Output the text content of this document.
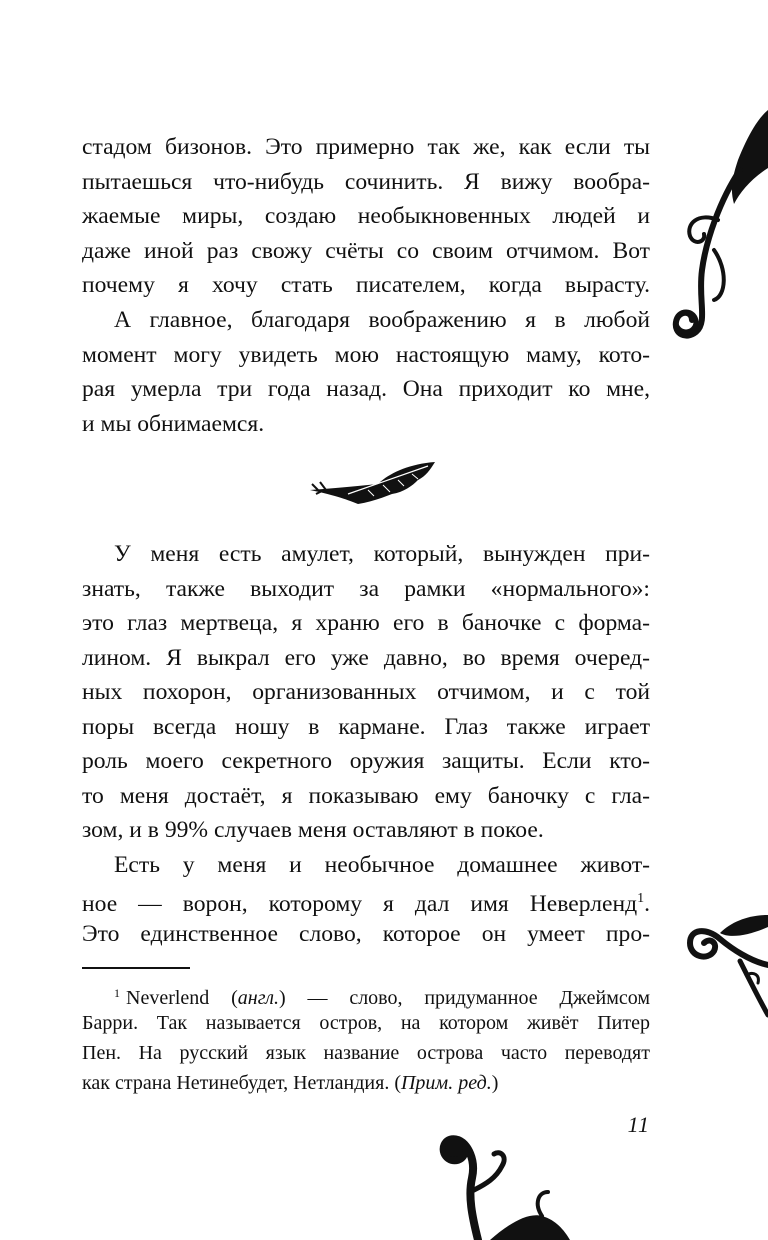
стадом бизонов. Это примерно так же, как если ты
пытаешься что-нибудь сочинить. Я вижу вообра-
жаемые миры, создаю необыкновенных людей и
даже иной раз свожу счёты со своим отчимом. Вот
почему я хочу стать писателем, когда вырасту.
А главное, благодаря воображению я в любой
момент могу увидеть мою настоящую маму, кото-
рая умерла три года назад. Она приходит ко мне,
и мы обнимаемся.
У меня есть амулет, который, вынужден при-
знать, также выходит за рамки «нормального»:
это глаз мертвеца, я храню его в баночке с форма-
лином. Я выкрал его уже давно, во время очеред-
ных похорон, организованных отчимом, и с той
поры всегда ношу в кармане. Глаз также играет
роль моего секретного оружия защиты. Если кто-
то меня достаёт, я показываю ему баночку с гла-
зом, и в 99% случаев меня оставляют в покое.
Есть у меня и необычное домашнее живот-
ное — ворон, которому я дал имя Неверленд$^1$.
Это единственное слово, которое он умеет про-
$^1$ Neverlend (англ.) — слово, придуманное Джеймсом
Барри. Так называется остров, на котором живёт Питер
Пен. На русский язык название острова часто переводят
как страна Нетинебудет, Нетландия. (Прим. ред.)
11
